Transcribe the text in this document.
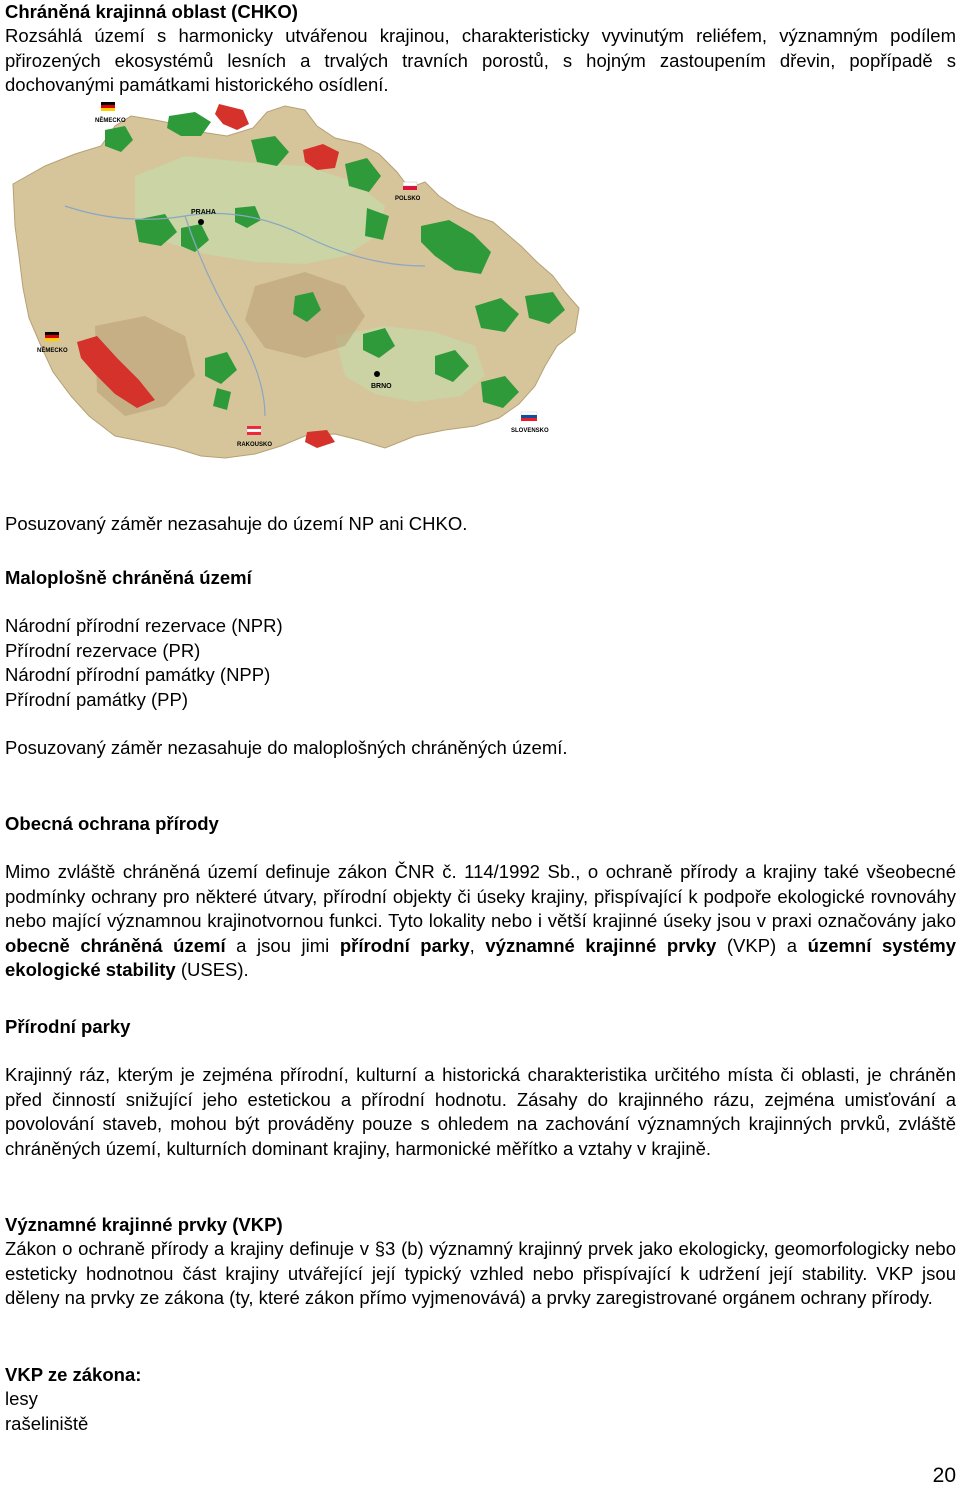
Chráněná krajinná oblast (CHKO)

Rozsáhlá území s harmonicky utvářenou krajinou, charakteristicky vyvinutým reliéfem, významným podílem přirozených ekosystémů lesních a trvalých travních porostů, s hojným zastoupením dřevin, popřípadě s dochovanými památkami historického osídlení.

PRAHA
BRNO
NĚMECKO
POLSKO
NĚMECKO
RAKOUSKO
SLOVENSKO

Posuzovaný záměr nezasahuje do území NP ani CHKO.

Maloplošně chráněná území

Národní přírodní rezervace (NPR)

Přírodní rezervace (PR)

Národní přírodní památky (NPP)

Přírodní památky (PP)

Posuzovaný záměr nezasahuje do maloplošných chráněných území.

Obecná ochrana přírody

Mimo zvláště chráněná území definuje zákon ČNR č. 114/1992 Sb., o ochraně přírody a krajiny také všeobecné podmínky ochrany pro některé útvary, přírodní objekty či úseky krajiny, přispívající k podpoře ekologické rovnováhy nebo mající významnou krajinotvornou funkci. Tyto lokality nebo i větší krajinné úseky jsou v praxi označovány jako obecně chráněná území a jsou jimi přírodní parky, významné krajinné prvky (VKP) a územní systémy ekologické stability (USES).

Přírodní parky

Krajinný ráz, kterým je zejména přírodní, kulturní a historická charakteristika určitého místa či oblasti, je chráněn před činností snižující jeho estetickou a přírodní hodnotu. Zásahy do krajinného rázu, zejména umisťování a povolování staveb, mohou být prováděny pouze s ohledem na zachování významných krajinných prvků, zvláště chráněných území, kulturních dominant krajiny, harmonické měřítko a vztahy v krajině.

Významné krajinné prvky (VKP)

Zákon o ochraně přírody a krajiny definuje v §3 (b) významný krajinný prvek jako ekologicky, geomorfologicky nebo esteticky hodnotnou část krajiny utvářející její typický vzhled nebo přispívající k udržení její stability. VKP jsou děleny na prvky ze zákona (ty, které zákon přímo vyjmenovává) a prvky zaregistrované orgánem ochrany přírody.

VKP ze zákona:

lesy

rašeliniště

20
